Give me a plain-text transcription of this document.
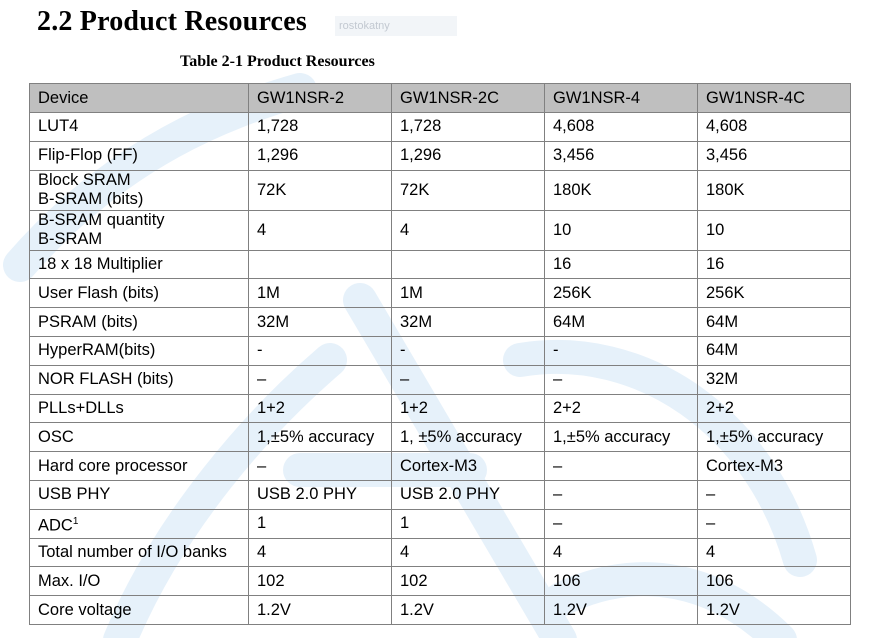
2.2 Product Resources	rostokatny
Table 2-1 Product Resources
Device	GW1NSR-2	GW1NSR-2C	GW1NSR-4	GW1NSR-4C
LUT4	1,728	1,728	4,608	4,608
Flip-Flop (FF)	1,296	1,296	3,456	3,456
Block SRAM
B-SRAM (bits)	72K	72K	180K	180K
B-SRAM quantity
B-SRAM	4	4	10	10
18 x 18 Multiplier			16	16
User Flash (bits)	1M	1M	256K	256K
PSRAM (bits)	32M	32M	64M	64M
HyperRAM(bits)	-	-	-	64M
NOR FLASH (bits)	–	–	–	32M
PLLs+DLLs	1+2	1+2	2+2	2+2
OSC	1,±5% accuracy	1, ±5% accuracy	1,±5% accuracy	1,±5% accuracy
Hard core processor	–	Cortex-M3	–	Cortex-M3
USB PHY	USB 2.0 PHY	USB 2.0 PHY	–	–
ADC$^1$	1	1	–	–
Total number of I/O banks	4	4	4	4
Max. I/O	102	102	106	106
Core voltage	1.2V	1.2V	1.2V	1.2V
